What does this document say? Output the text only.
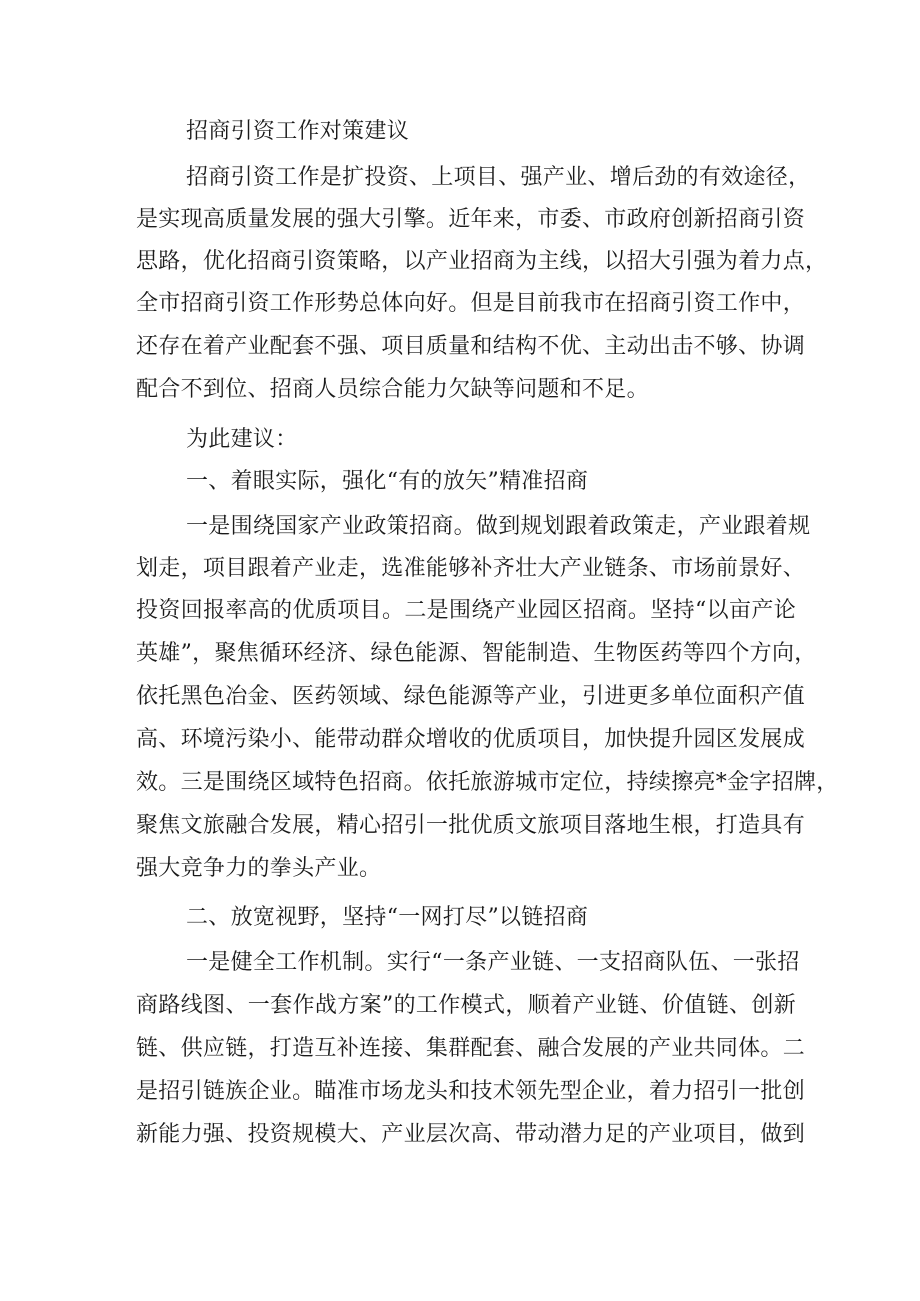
招商引资工作对策建议
招商引资工作是扩投资、上项目、强产业、增后劲的有效途径，
是实现高质量发展的强大引擎。近年来，市委、市政府创新招商引资
思路，优化招商引资策略，以产业招商为主线，以招大引强为着力点，
全市招商引资工作形势总体向好。但是目前我市在招商引资工作中，
还存在着产业配套不强、项目质量和结构不优、主动出击不够、协调
配合不到位、招商人员综合能力欠缺等问题和不足。
为此建议：
一、着眼实际，强化“有的放矢”精准招商
一是围绕国家产业政策招商。做到规划跟着政策走，产业跟着规
划走，项目跟着产业走，选准能够补齐壮大产业链条、市场前景好、
投资回报率高的优质项目。二是围绕产业园区招商。坚持“以亩产论
英雄”，聚焦循环经济、绿色能源、智能制造、生物医药等四个方向，
依托黑色冶金、医药领域、绿色能源等产业，引进更多单位面积产值
高、环境污染小、能带动群众增收的优质项目，加快提升园区发展成
效。三是围绕区域特色招商。依托旅游城市定位，持续擦亮*金字招牌，
聚焦文旅融合发展，精心招引一批优质文旅项目落地生根，打造具有
强大竞争力的拳头产业。
二、放宽视野，坚持“一网打尽”以链招商
一是健全工作机制。实行“一条产业链、一支招商队伍、一张招
商路线图、一套作战方案”的工作模式，顺着产业链、价值链、创新
链、供应链，打造互补连接、集群配套、融合发展的产业共同体。二
是招引链族企业。瞄准市场龙头和技术领先型企业，着力招引一批创
新能力强、投资规模大、产业层次高、带动潜力足的产业项目，做到
